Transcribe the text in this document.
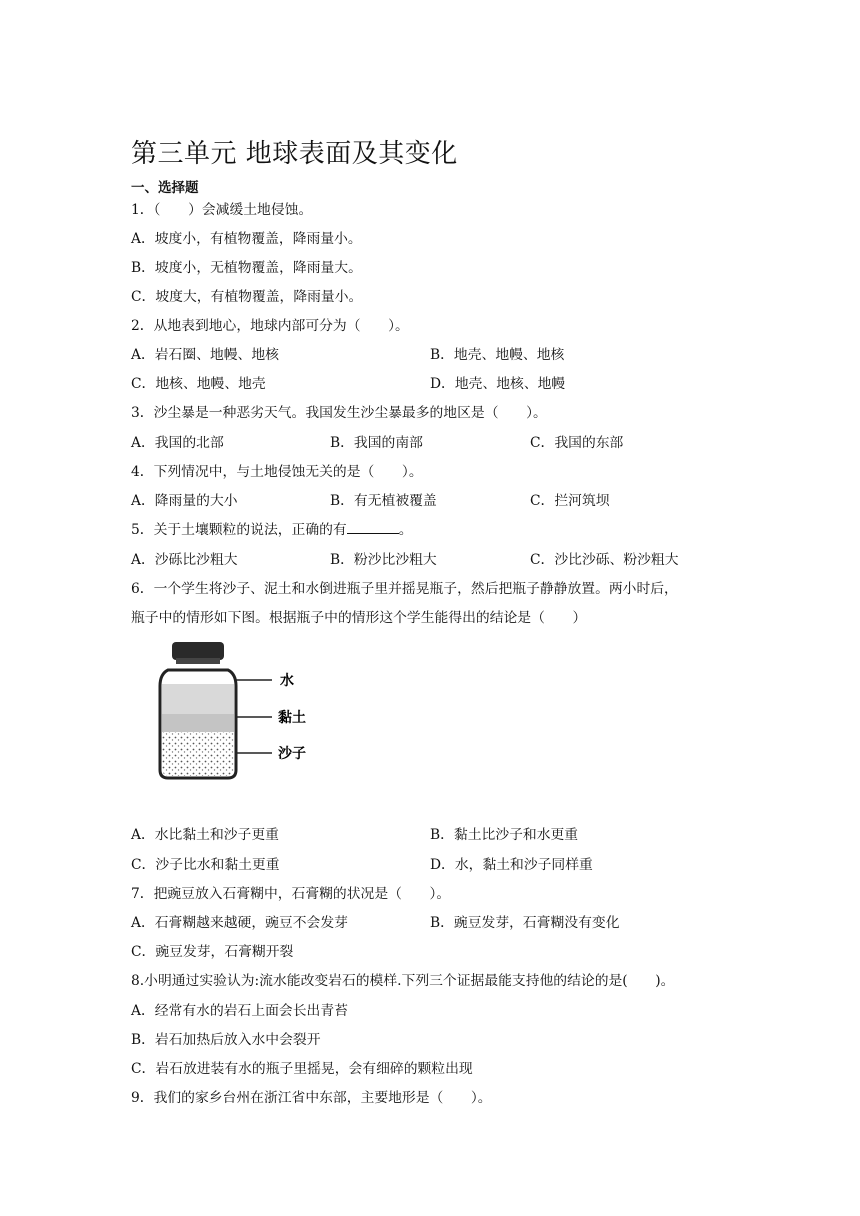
第三单元 地球表面及其变化
一、选择题
1．（　　）会减缓土地侵蚀。
A．坡度小，有植物覆盖，降雨量小。
B．坡度小，无植物覆盖，降雨量大。
C．坡度大，有植物覆盖，降雨量小。
2．从地表到地心，地球内部可分为（　　）。
A．岩石圈、地幔、地核	B．地壳、地幔、地核
C．地核、地幔、地壳	D．地壳、地核、地幔
3．沙尘暴是一种恶劣天气。我国发生沙尘暴最多的地区是（　　）。
A．我国的北部	B．我国的南部	C．我国的东部
4．下列情况中，与土地侵蚀无关的是（　　）。
A．降雨量的大小	B．有无植被覆盖	C．拦河筑坝
5．关于土壤颗粒的说法，正确的有	。
A．沙砾比沙粗大	B．粉沙比沙粗大	C．沙比沙砾、粉沙粗大
6．一个学生将沙子、泥土和水倒进瓶子里并摇晃瓶子，然后把瓶子静静放置。两小时后，
瓶子中的情形如下图。根据瓶子中的情形这个学生能得出的结论是（　　）
水
黏土
沙子
A．水比黏土和沙子更重	B．黏土比沙子和水更重
C．沙子比水和黏土更重	D．水，黏土和沙子同样重
7．把豌豆放入石膏糊中，石膏糊的状况是（　　）。
A．石膏糊越来越硬，豌豆不会发芽	B．豌豆发芽，石膏糊没有变化
C．豌豆发芽，石膏糊开裂
8.小明通过实验认为:流水能改变岩石的模样.下列三个证据最能支持他的结论的是(　　)。
A．经常有水的岩石上面会长出青苔
B．岩石加热后放入水中会裂开
C．岩石放进装有水的瓶子里摇晃，会有细碎的颗粒出现
9．我们的家乡台州在浙江省中东部，主要地形是（　　）。
